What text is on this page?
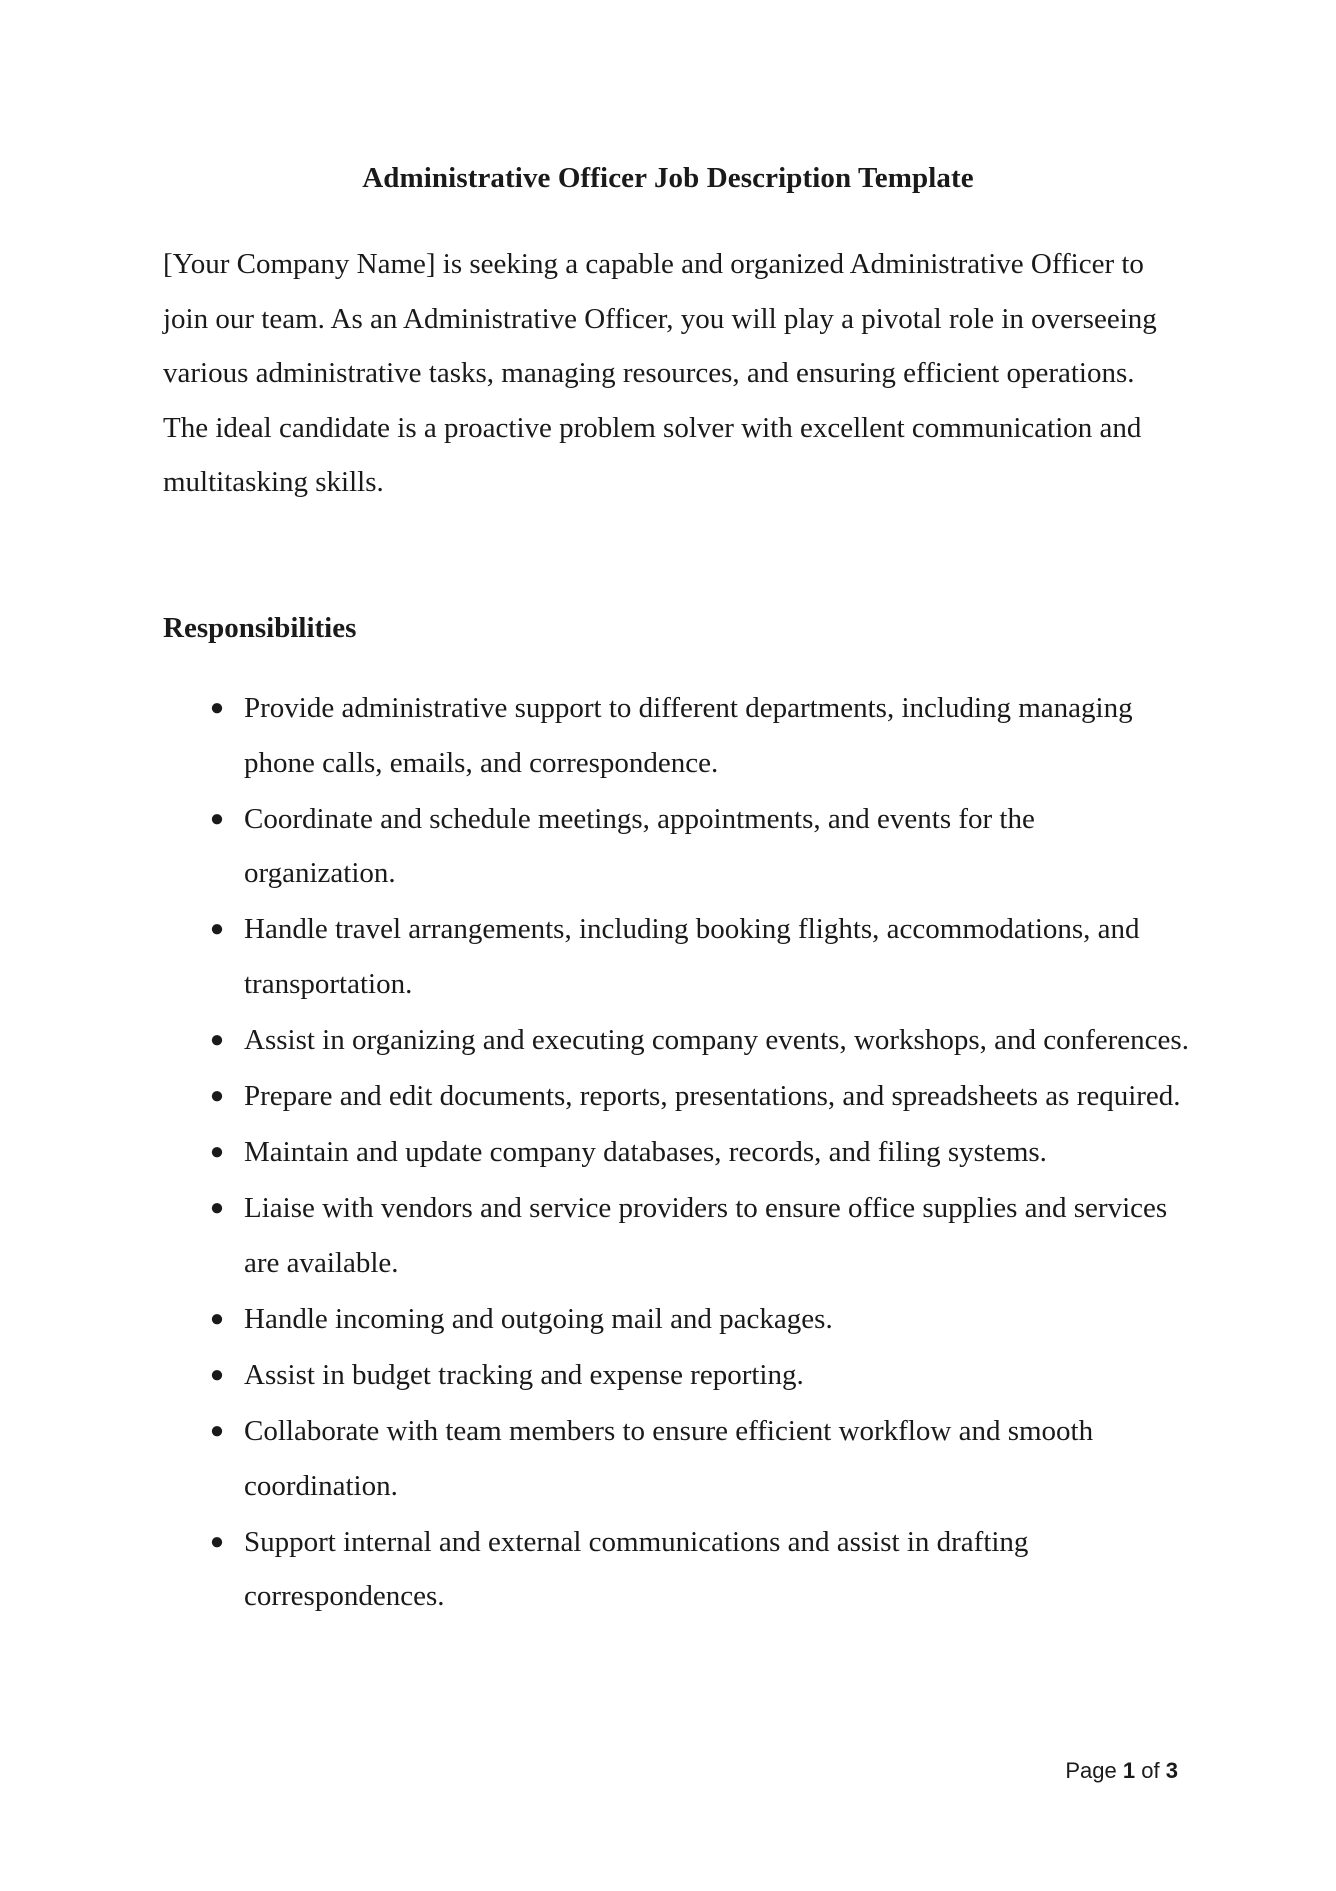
Administrative Officer Job Description Template

[Your Company Name] is seeking a capable and organized Administrative Officer to join our team. As an Administrative Officer, you will play a pivotal role in overseeing various administrative tasks, managing resources, and ensuring efficient operations. The ideal candidate is a proactive problem solver with excellent communication and multitasking skills.

Responsibilities
● Provide administrative support to different departments, including managing phone calls, emails, and correspondence.
● Coordinate and schedule meetings, appointments, and events for the organization.
● Handle travel arrangements, including booking flights, accommodations, and transportation.
● Assist in organizing and executing company events, workshops, and conferences.
● Prepare and edit documents, reports, presentations, and spreadsheets as required.
● Maintain and update company databases, records, and filing systems.
● Liaise with vendors and service providers to ensure office supplies and services are available.
● Handle incoming and outgoing mail and packages.
● Assist in budget tracking and expense reporting.
● Collaborate with team members to ensure efficient workflow and smooth coordination.
● Support internal and external communications and assist in drafting correspondences.
Page 1 of 3
